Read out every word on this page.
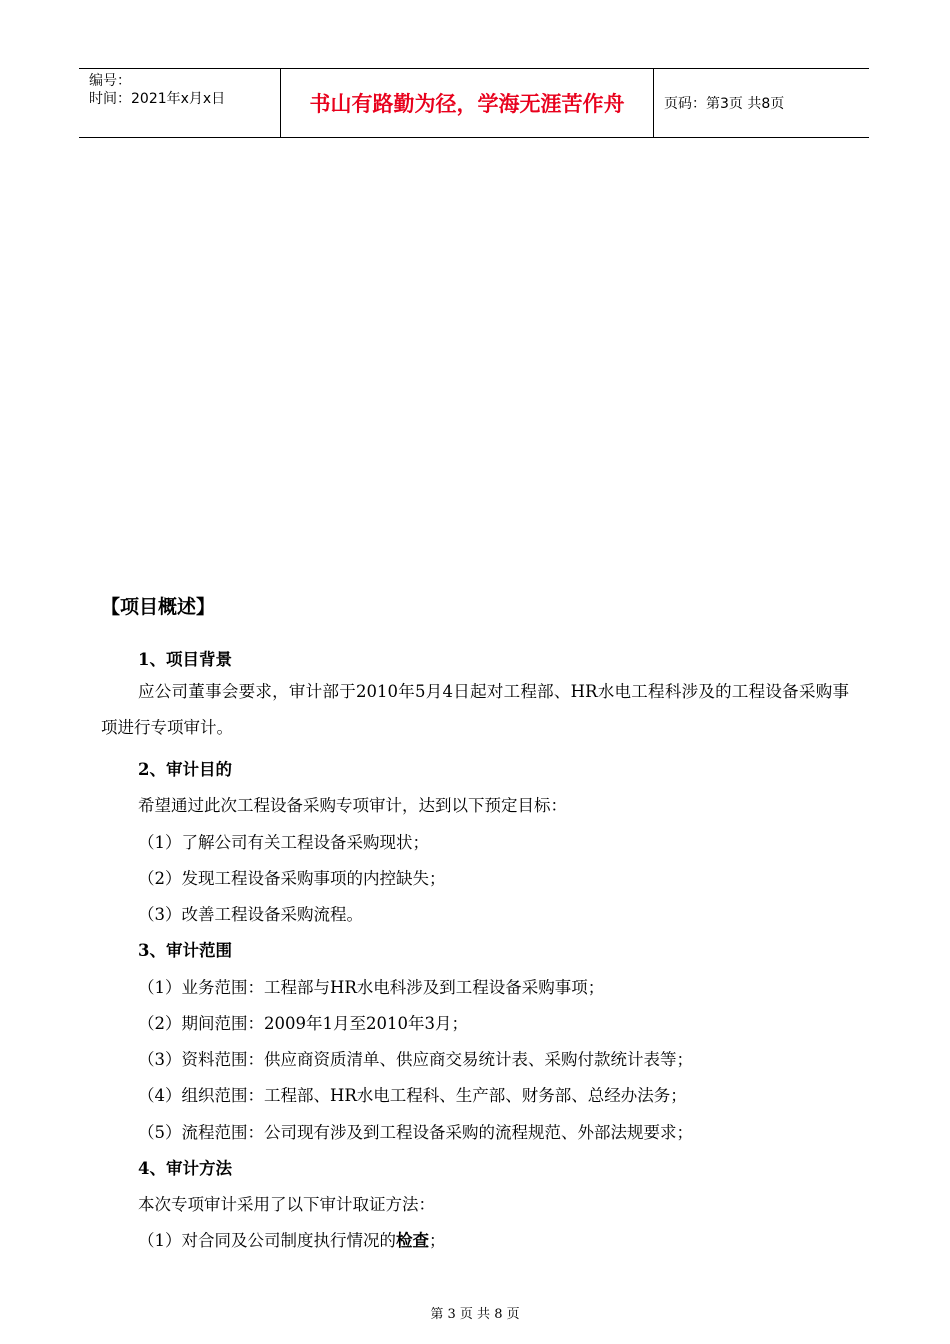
编号：
时间：2021年x月x日	书山有路勤为径，学海无涯苦作舟	页码：第3页 共8页
【项目概述】
1、项目背景
应公司董事会要求，审计部于2010年5月4日起对工程部、HR水电工程科涉及的工程设备采购事项进行专项审计。
2、审计目的
希望通过此次工程设备采购专项审计，达到以下预定目标：
（1）了解公司有关工程设备采购现状；
（2）发现工程设备采购事项的内控缺失；
（3）改善工程设备采购流程。
3、审计范围
（1）业务范围：工程部与HR水电科涉及到工程设备采购事项；
（2）期间范围：2009年1月至2010年3月；
（3）资料范围：供应商资质清单、供应商交易统计表、采购付款统计表等；
（4）组织范围：工程部、HR水电工程科、生产部、财务部、总经办法务；
（5）流程范围：公司现有涉及到工程设备采购的流程规范、外部法规要求；
4、审计方法
本次专项审计采用了以下审计取证方法：
（1）对合同及公司制度执行情况的检查；
第 3 页 共 8 页
